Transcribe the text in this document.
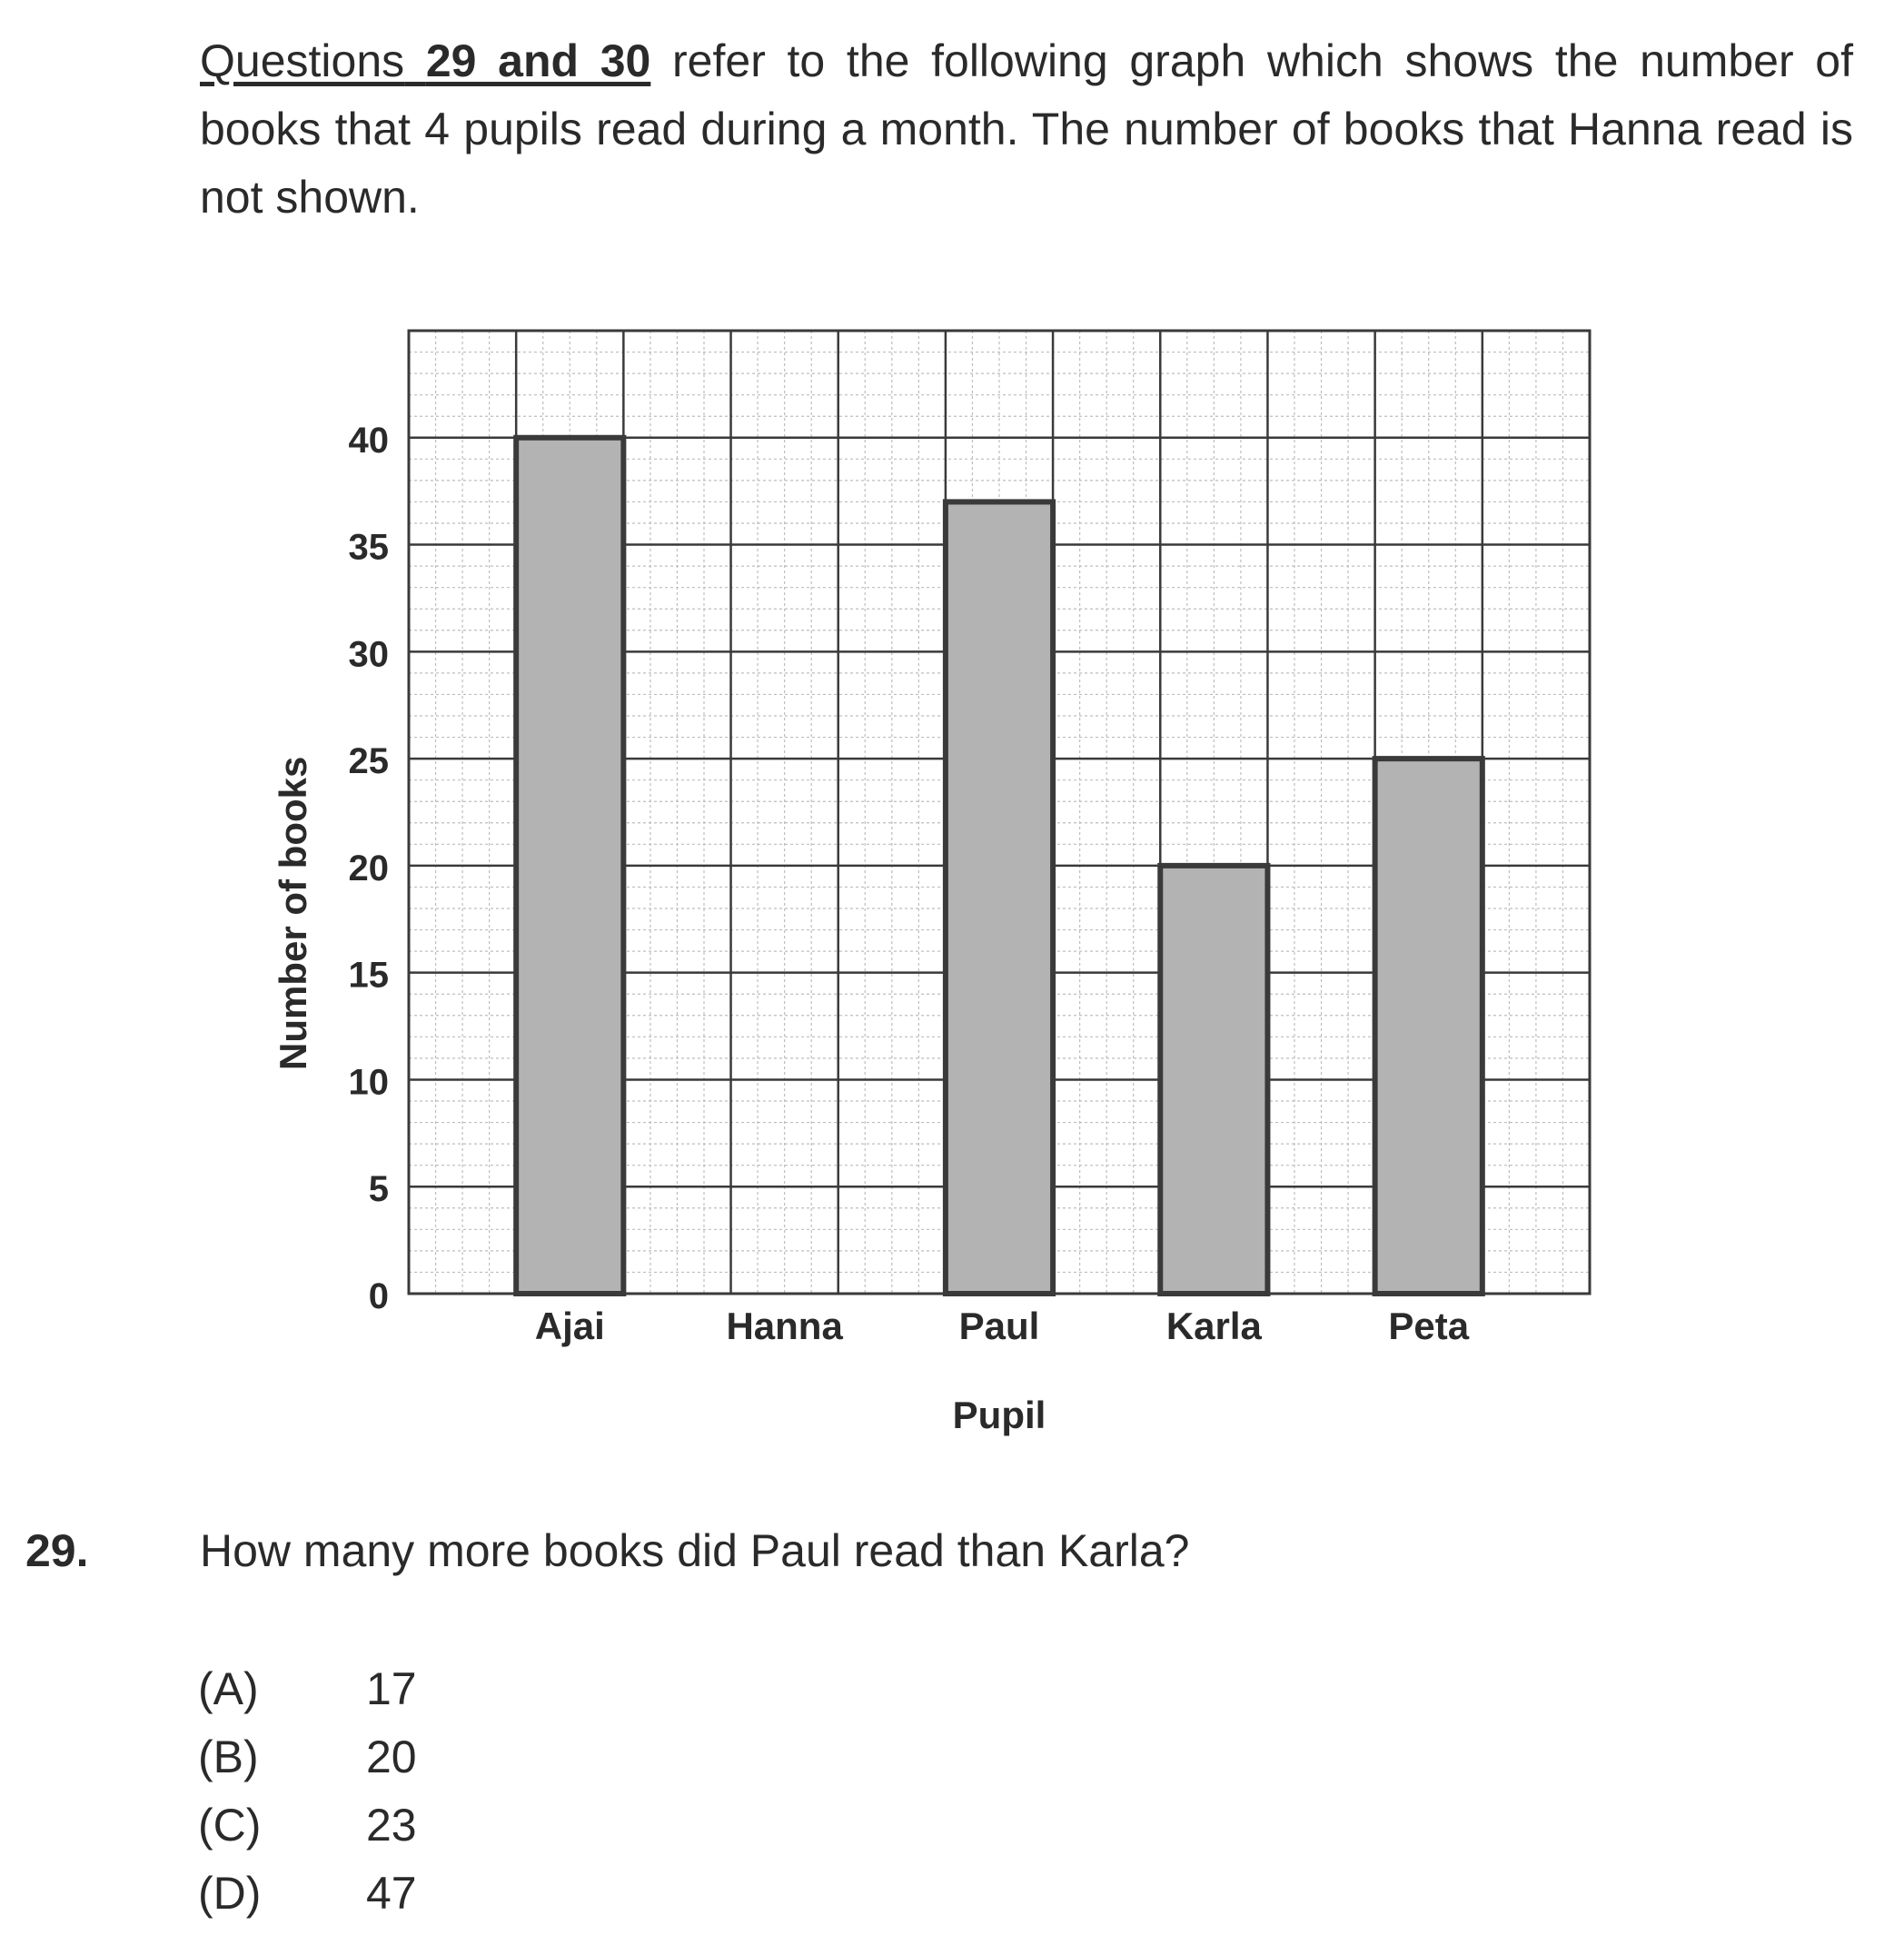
Questions 29 and 30 refer to the following graph which shows the number of books that 4 pupils read during a month. The number of books that Hanna read is not shown.
0
5
10
15
20
25
30
35
40
Ajai	Hanna	Paul	Karla	Peta
Pupil
Number of books
29. How many more books did Paul read than Karla?
(A) 17
(B) 20
(C) 23
(D) 47
